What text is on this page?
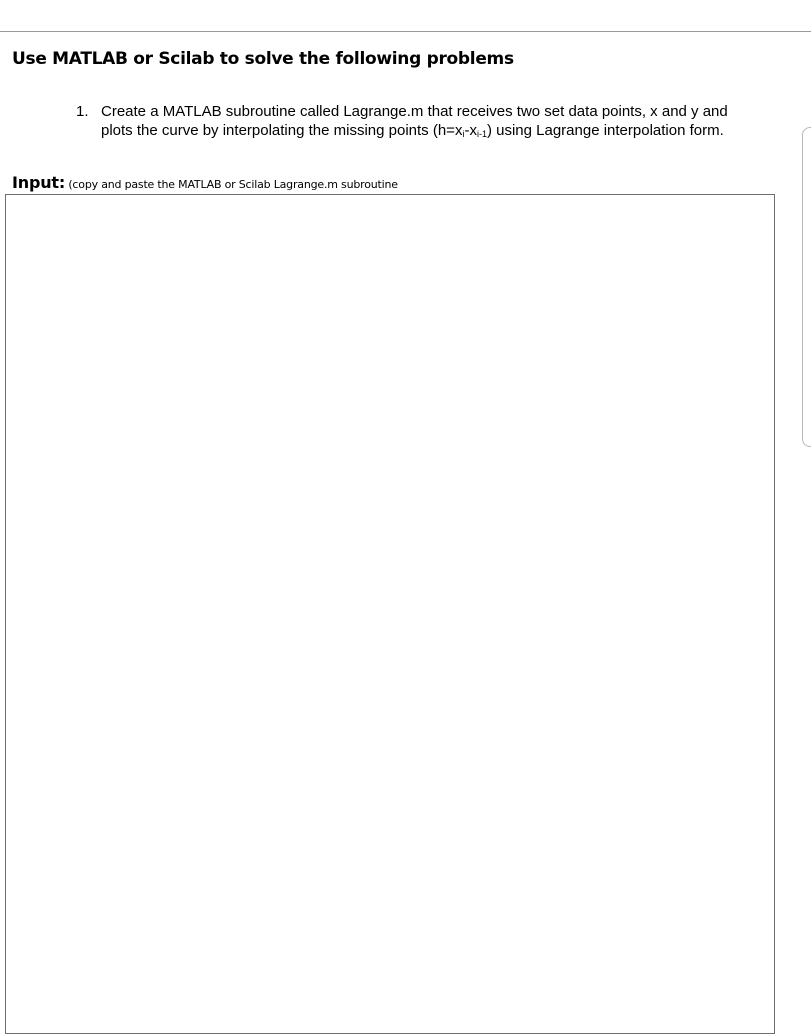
Use MATLAB or Scilab to solve the following problems
1. Create a MATLAB subroutine called Lagrange.m that receives two set data points, x and y and
plots the curve by interpolating the missing points $(h=x_i-x_{i-1})$ using Lagrange interpolation form.
Input: (copy and paste the MATLAB or Scilab Lagrange.m subroutine
